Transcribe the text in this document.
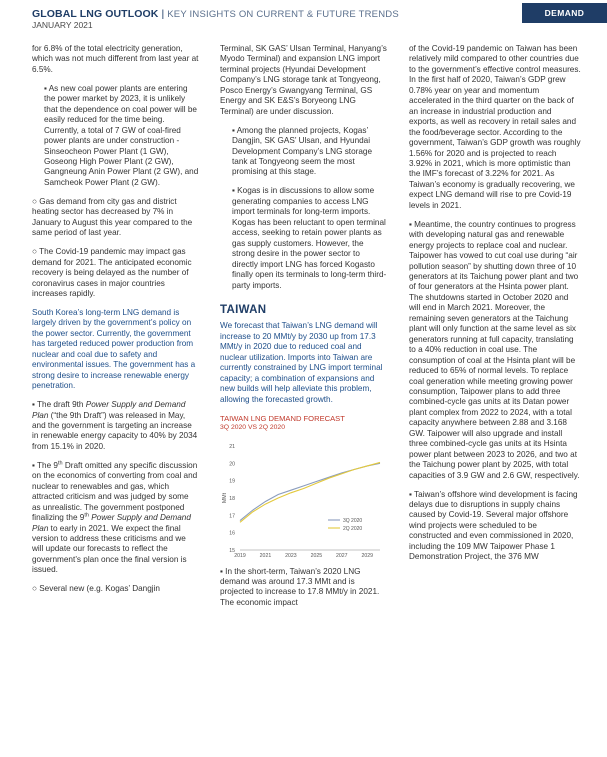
GLOBAL LNG OUTLOOK | KEY INSIGHTS ON CURRENT & FUTURE TRENDS
JANUARY 2021
DEMAND
for 6.8% of the total electricity generation, which was not much different from last year at 6.5%.
▪ As new coal power plants are entering the power market by 2023, it is unlikely that the dependence on coal power will be easily reduced for the time being. Currently, a total of 7 GW of coal-fired power plants are under construction - Sinseocheon Power Plant (1 GW), Goseong High Power Plant (2 GW), Gangneung Anin Power Plant (2 GW), and Samcheok Power Plant (2 GW).
○ Gas demand from city gas and district heating sector has decreased by 7% in January to August this year compared to the same period of last year.
○ The Covid-19 pandemic may impact gas demand for 2021. The anticipated economic recovery is being delayed as the number of coronavirus cases in major countries increases rapidly.
South Korea’s long-term LNG demand is largely driven by the government’s policy on the power sector. Currently, the government has targeted reduced power production from nuclear and coal due to safety and environmental issues. The government has a strong desire to increase renewable energy penetration.
▪ The draft 9th Power Supply and Demand Plan (“the 9th Draft”) was released in May, and the government is targeting an increase in renewable energy capacity to 40% by 2034 from 15.1% in 2020.
▪ The 9th Draft omitted any specific discussion on the economics of converting from coal and nuclear to renewables and gas, which attracted criticism and was judged by some as unrealistic. The government postponed finalizing the 9th Power Supply and Demand Plan to early in 2021. We expect the final version to address these criticisms and we will update our forecasts to reflect the government’s plan once the final version is issued.
○ Several new (e.g. Kogas’ Dangjin
Terminal, SK GAS’ Ulsan Terminal, Hanyang’s Myodo Terminal) and expansion LNG import terminal projects (Hyundai Development Company’s LNG storage tank at Tongyeong, Posco Energy’s Gwangyang Terminal, GS Energy and SK E&S’s Boryeong LNG Terminal) are under discussion.
▪ Among the planned projects, Kogas’ Dangjin, SK GAS’ Ulsan, and Hyundai Development Company’s LNG storage tank at Tongyeong seem the most promising at this stage.
▪ Kogas is in discussions to allow some generating companies to access LNG import terminals for long-term imports. Kogas has been reluctant to open terminal access, seeking to retain power plants as gas supply customers. However, the strong desire in the power sector to directly import LNG has forced Kogasto finally open its terminals to long-term third-party imports.
TAIWAN
We forecast that Taiwan’s LNG demand will increase to 20 MMt/y by 2030 up from 17.3 MMt/y in 2020 due to reduced coal and nuclear utilization. Imports into Taiwan are currently constrained by LNG import terminal capacity; a combination of expansions and new builds will help alleviate this problem, allowing the forecasted growth.
TAIWAN LNG DEMAND FORECAST
3Q 2020 VS 2Q 2020
15
16
17
18
19
20
21
2019	2021	2023	2025	2027	2029
MMt
3Q 2020
2Q 2020
▪ In the short-term, Taiwan’s 2020 LNG demand was around 17.3 MMt and is projected to increase to 17.8 MMt/y in 2021. The economic impact
of the Covid-19 pandemic on Taiwan has been relatively mild compared to other countries due to the government’s effective control measures. In the first half of 2020, Taiwan’s GDP grew 0.78% year on year and momentum accelerated in the third quarter on the back of an increase in industrial production and exports, as well as recovery in retail sales and the food/beverage sector. According to the government, Taiwan’s GDP growth was roughly 1.56% for 2020 and is projected to reach 3.92% in 2021, which is more optimistic than the IMF’s forecast of 3.22% for 2021. As Taiwan’s economy is gradually recovering, we expect LNG demand will rise to pre Covid-19 levels in 2021.
▪ Meantime, the country continues to progress with developing natural gas and renewable energy projects to replace coal and nuclear. Taipower has vowed to cut coal use during “air pollution season” by shutting down three of 10 generators at its Taichung power plant and two of four generators at the Hsinta power plant. The shutdowns started in October 2020 and will end in March 2021. Moreover, the remaining seven generators at the Taichung plant will only function at the same level as six generators running at full capacity, translating to a 40% reduction in coal use. The consumption of coal at the Hsinta plant will be reduced to 65% of normal levels. To replace coal generation while meeting growing power consumption, Taipower plans to add three combined-cycle gas units at its Datan power plant complex from 2022 to 2024, with a total capacity anywhere between 2.88 and 3.168 GW. Taipower will also upgrade and install three combined-cycle gas units at its Hsinta power plant between 2023 to 2026, and two at the Taichung power plant by 2025, with total capacities of 3.9 GW and 2.6 GW, respectively.
▪ Taiwan’s offshore wind development is facing delays due to disruptions in supply chains caused by Covid-19. Several major offshore wind projects were scheduled to be constructed and even commissioned in 2020, including the 109 MW Taipower Phase 1 Demonstration Project, the 376 MW
